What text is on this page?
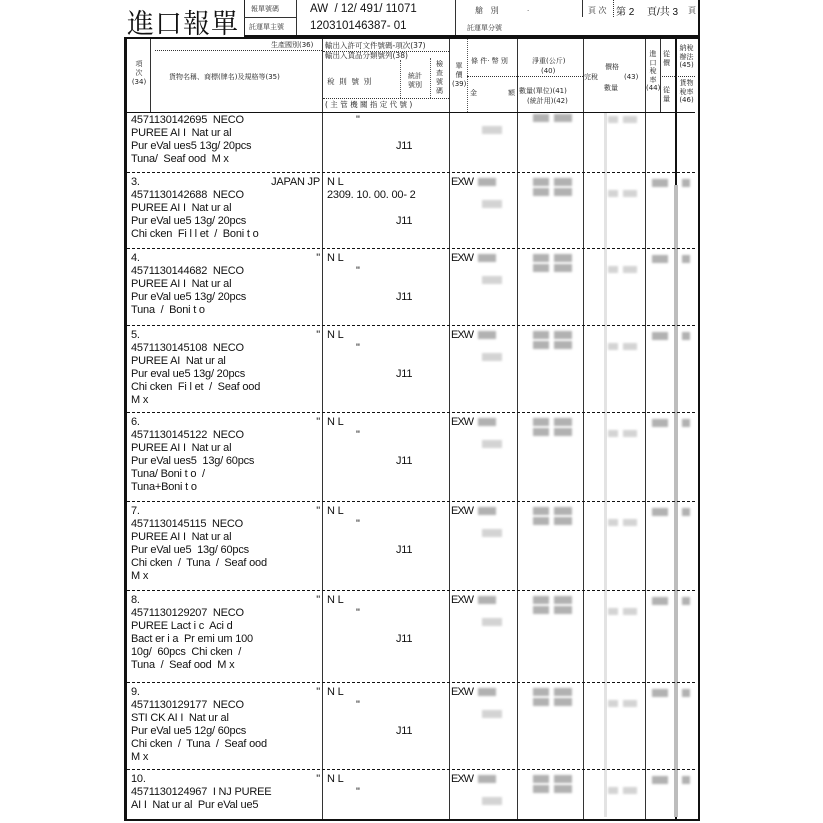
進口報單 報單號碼
託運單主號
AW  / 12/ 491/ 11071
120310146387- 01
艙   別	.
託運單分號
頁 次 第 2 頁/共 3 頁
項
次
(34)
貨物名稱、商標(牌名)及規格等(35)
生產國別(36) 輸出入許可文件號碼-項次(37)
輸出入貨品分類號列(38)
稅  則  號  別
統計
號別
檢
查
號
碼
( 主 管 機 關 指 定 代 號 )
單
價
(39)
條 件· 幣 別
金	額
淨重(公斤)
(40)
數量(單位)(41)
(統計用)(42)
完稅
價格
(43)
數量
進
口
稅
率
(44)
從
價
從
量
納稅
辦法
(45)
貨物
稅率
(46)
4571130142695  NECO
PUREE AI I  Nat ur al
Pur eVal ues5 13g/ 20pcs
Tuna/  Seaf ood  M x
"
J11
3.
4571130142688  NECO
PUREE AI I  Nat ur al
Pur eVal ue5 13g/ 20pcs
Chi cken  Fi l l et  /  Boni t o
JAPAN JP N L
2309. 10. 00. 00- 2
J11
EXW
4.
4571130144682  NECO
PUREE AI I  Nat ur al
Pur eVal ue5 13g/ 20pcs
Tuna  /  Boni t o
" N L
"
J11
EXW
5.
4571130145108  NECO
PUREE AI  Nat ur al
Pur eval ue5 13g/ 20pcs
Chi cken  Fi l et  /  Seaf ood
M x
" N L
"
J11
EXW
6.
4571130145122  NECO
PUREE AI I  Nat ur al
Pur eVal ues5  13g/ 60pcs
Tuna/ Boni t o  /
Tuna+Boni t o
" N L
"
J11
EXW
7.
4571130145115  NECO
PUREE AI I  Nat ur al
Pur eVal ue5  13g/ 60pcs
Chi cken  /  Tuna  /  Seaf ood
M x
" N L
"
J11
EXW
8.
4571130129207  NECO
PUREE Lact i c  Aci d
Bact er i a  Pr emi um 100
10g/  60pcs  Chi cken  /
Tuna  /  Seaf ood  M x
" N L
"
J11
EXW
9.
4571130129177  NECO
STI CK AI I  Nat ur al
Pur eVal ue5 12g/ 60pcs
Chi cken  /  Tuna  /  Seaf ood
M x
" N L
"
J11
EXW
10.
4571130124967  I NJ PUREE
AI I  Nat ur al  Pur eVal ue5
" N L
"
EXW
